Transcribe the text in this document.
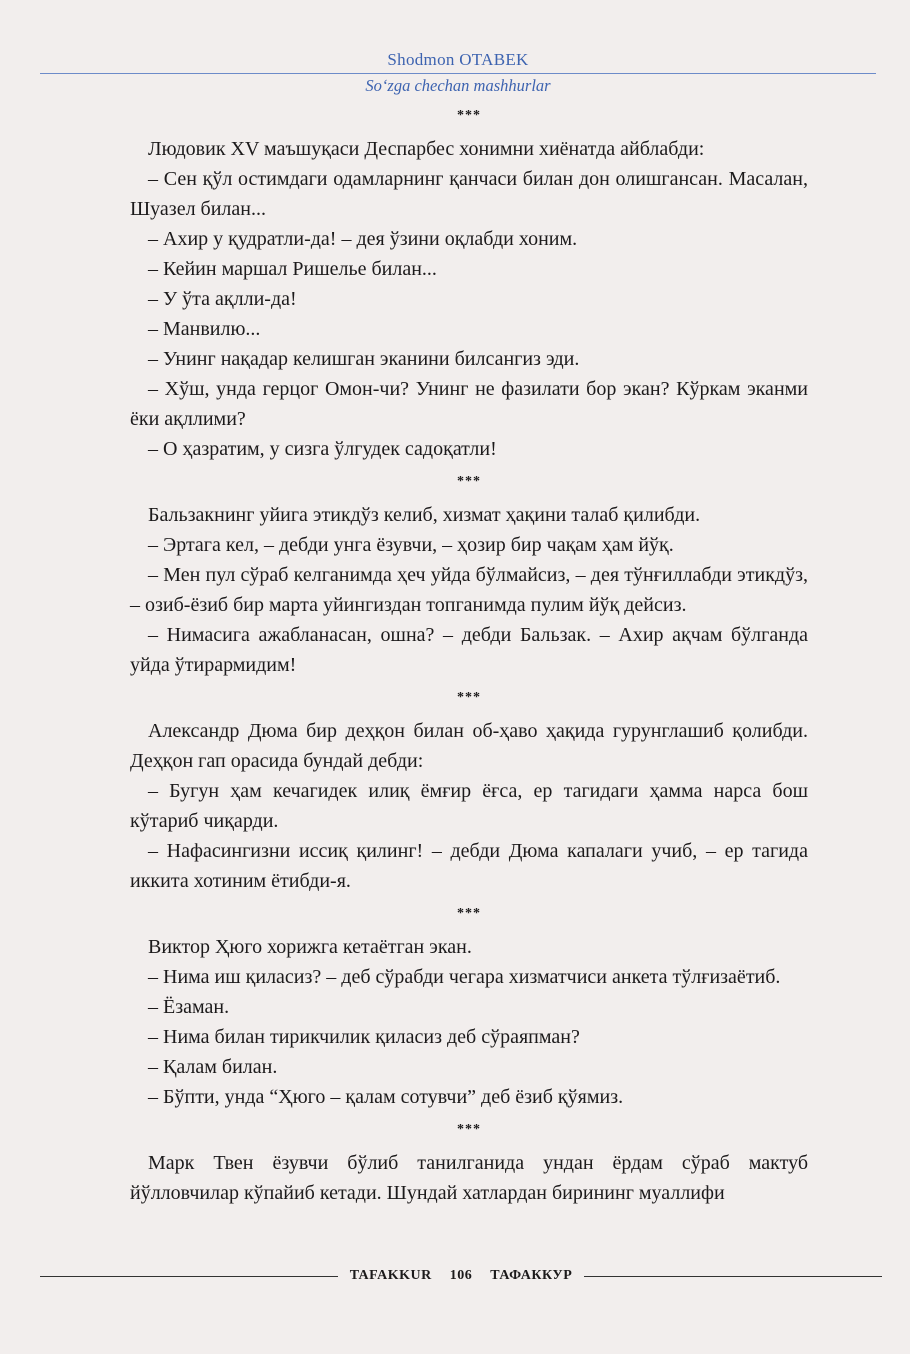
Shodmon OTABEK
So‘zga chechan mashhurlar
***

Людовик XV маъшуқаси Деспарбес хонимни хиёнатда айблабди:

– Сен қўл остимдаги одамларнинг қанчаси билан дон олишгансан. Масалан, Шуазел билан...

– Ахир у қудратли-да! – дея ўзини оқлабди хоним.

– Кейин маршал Ришелье билан...

– У ўта ақлли-да!

– Манвилю...

– Унинг нақадар келишган эканини билсангиз эди.

– Хўш, унда герцог Омон-чи? Унинг не фазилати бор экан? Кўркам эканми ёки ақллими?

– О ҳазратим, у сизга ўлгудек садоқатли!

***

Бальзакнинг уйига этикдўз келиб, хизмат ҳақини талаб қилибди.

– Эртага кел, – дебди унга ёзувчи, – ҳозир бир чақам ҳам йўқ.

– Мен пул сўраб келганимда ҳеч уйда бўлмайсиз, – дея тўнғиллабди этикдўз, – озиб-ёзиб бир марта уйингиздан топганимда пулим йўқ дейсиз.

– Нимасига ажабланасан, ошна? – дебди Бальзак. – Ахир ақчам бўлганда уйда ўтирармидим!

***

Александр Дюма бир деҳқон билан об-ҳаво ҳақида гурунглашиб қолибди. Деҳқон гап орасида бундай дебди:

– Бугун ҳам кечагидек илиқ ёмғир ёғса, ер тагидаги ҳамма нарса бош кўтариб чиқарди.

– Нафасингизни иссиқ қилинг! – дебди Дюма капалаги учиб, – ер тагида иккита хотиним ётибди-я.

***

Виктор Ҳюго хорижга кетаётган экан.

– Нима иш қиласиз? – деб сўрабди чегара хизматчиси анкета тўлғизаётиб.

– Ёзаман.

– Нима билан тирикчилик қиласиз деб сўраяпман?

– Қалам билан.

– Бўпти, унда “Ҳюго – қалам сотувчи” деб ёзиб қўямиз.

***

Марк Твен ёзувчи бўлиб танилганида ундан ёрдам сўраб мактуб йўлловчилар кўпайиб кетади. Шундай хатлардан бирининг муаллифи

TAFAKKUR 106 ТАФАККУР
